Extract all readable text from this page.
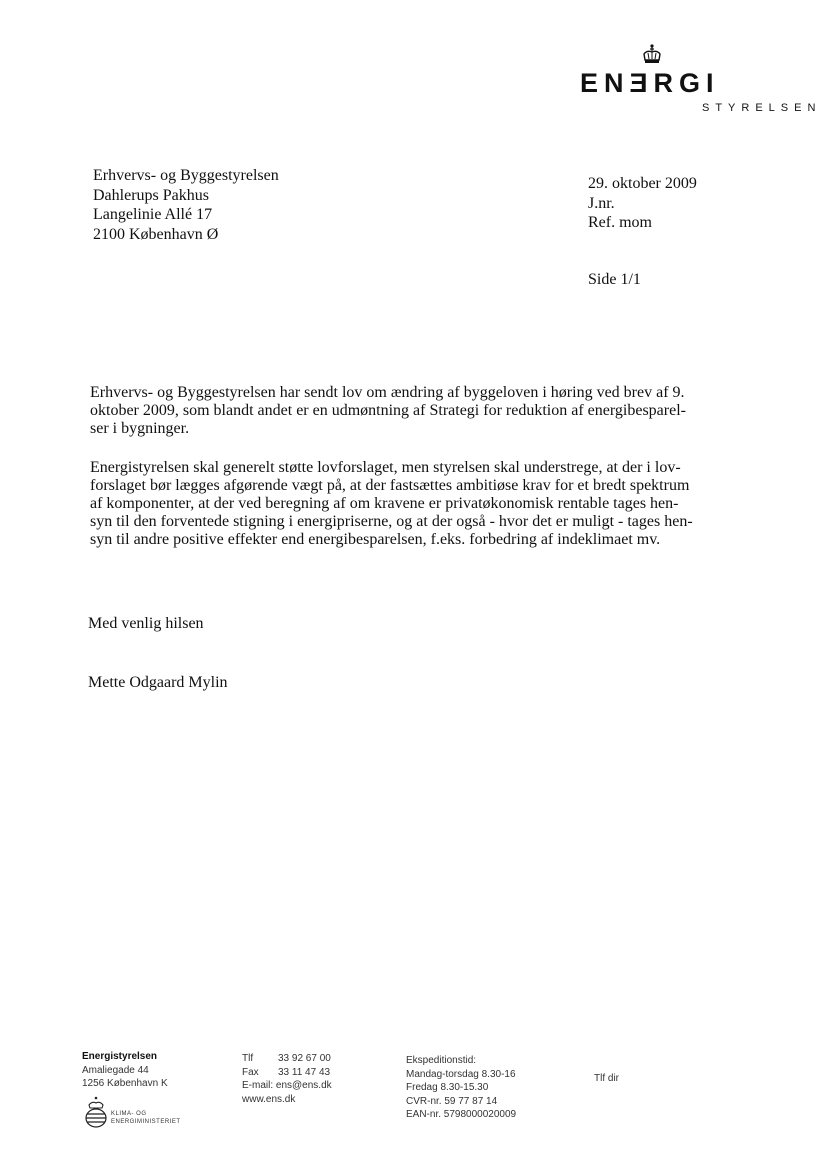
ENƎRGI
STYRELSEN
Erhvervs- og Byggestyrelsen
Dahlerups Pakhus
Langelinie Allé 17
2100 København Ø
29. oktober 2009
J.nr.
Ref. mom
Side 1/1
Erhvervs- og Byggestyrelsen har sendt lov om ændring af byggeloven i høring ved brev af 9.
oktober 2009, som blandt andet er en udmøntning af Strategi for reduktion af energibesparel-
ser i bygninger.
Energistyrelsen skal generelt støtte lovforslaget, men styrelsen skal understrege, at der i lov-
forslaget bør lægges afgørende vægt på, at der fastsættes ambitiøse krav for et bredt spektrum
af komponenter, at der ved beregning af om kravene er privatøkonomisk rentable tages hen-
syn til den forventede stigning i energipriserne, og at der også - hvor det er muligt - tages hen-
syn til andre positive effekter end energibesparelsen, f.eks. forbedring af indeklimaet mv.
Med venlig hilsen
Mette Odgaard Mylin
Energistyrelsen
Amaliegade 44
1256 København K
KLIMA- OG
ENERGIMINISTERIET
Tlf 33 92 67 00
Fax 33 11 47 43
E-mail: ens@ens.dk
www.ens.dk
Ekspeditionstid:
Mandag-torsdag 8.30-16
Fredag 8.30-15.30
CVR-nr. 59 77 87 14
EAN-nr. 5798000020009
Tlf dir
